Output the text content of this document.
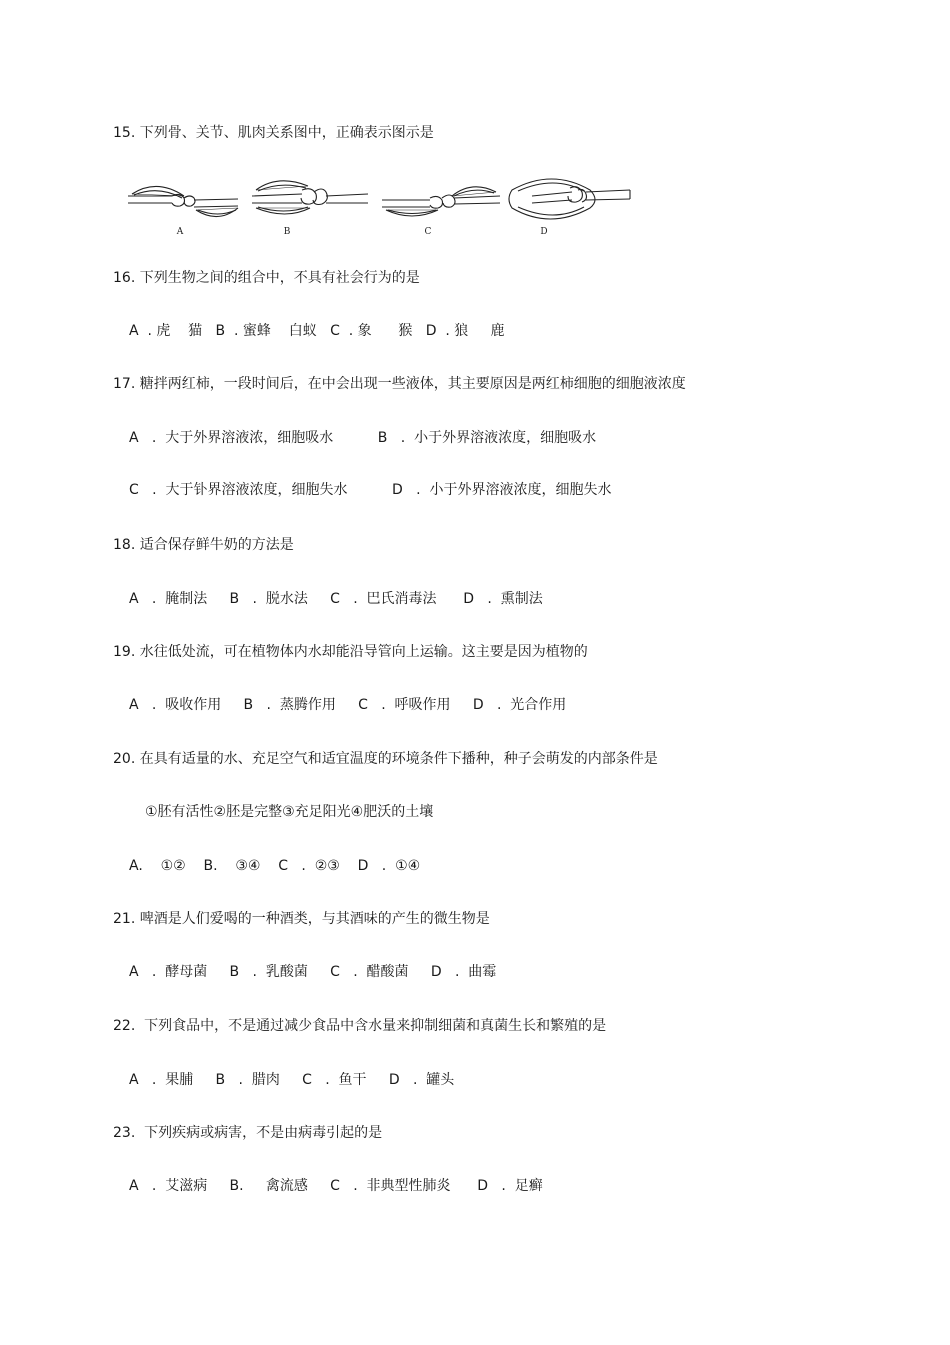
15. 下列骨、关节、肌肉关系图中，正确表示图示是
A	B	C	D
16. 下列生物之间的组合中，不具有社会行为的是
A  . 虎    猫   B  . 蜜蜂    白蚁   C  . 象      猴   D  . 狼     鹿
17. 糖拌两红柿，一段时间后，在中会出现一些液体，其主要原因是两红柿细胞的细胞液浓度
A   .  大于外界溶液浓，细胞吸水          B   .  小于外界溶液浓度，细胞吸水
C   .  大于钋界溶液浓度，细胞失水          D   .  小于外界溶液浓度，细胞失水
18. 适合保存鲜牛奶的方法是
A   .  腌制法     B   .  脱水法     C   .  巴氏消毒法      D   .  熏制法
19. 水往低处流，可在植物体内水却能沿导管向上运输。这主要是因为植物的
A   .  吸收作用     B   .  蒸腾作用     C   .  呼吸作用     D   .  光合作用
20. 在具有适量的水、充足空气和适宜温度的环境条件下播种，种子会萌发的内部条件是
①胚有活性②胚是完整③充足阳光④肥沃的土壤
A.    ①②    B.    ③④    C   .  ②③    D   .  ①④
21. 啤酒是人们爱喝的一种酒类，与其酒味的产生的微生物是
A   .  酵母菌     B   .  乳酸菌     C   .  醋酸菌     D   .  曲霉
22.  下列食品中，不是通过减少食品中含水量来抑制细菌和真菌生长和繁殖的是
A   .  果脯     B   .  腊肉     C   .  鱼干     D   .  罐头
23.  下列疾病或病害，不是由病毒引起的是
A   .  艾滋病     B.     禽流感     C   .  非典型性肺炎      D   .  足癣
